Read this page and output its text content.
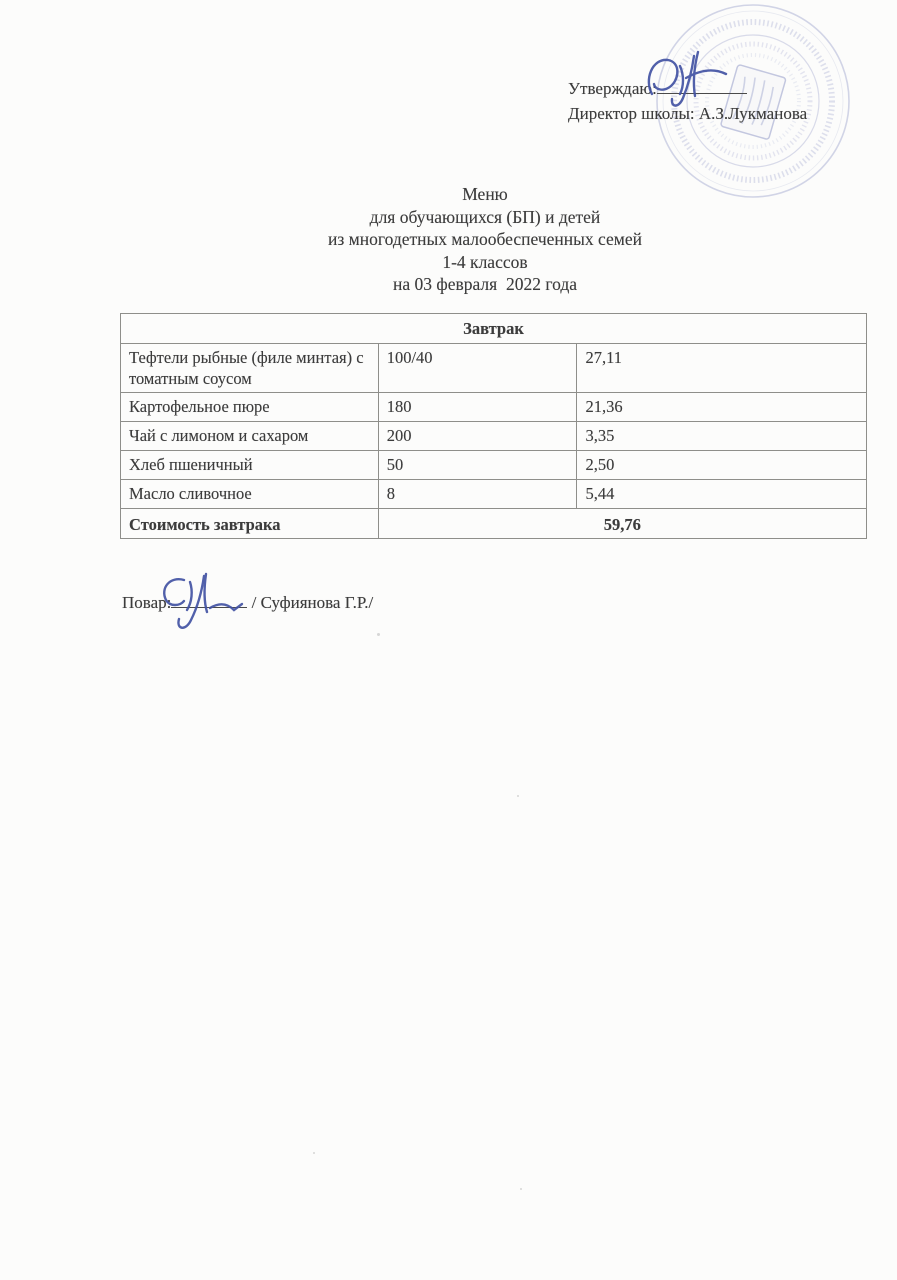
Утверждаю:
Директор школы: А.З.Лукманова
Меню
для обучающихся (БП) и детей
из многодетных малообеспеченных семей
1-4 классов
на 03 февраля  2022 года
Завтрак		
Тефтели рыбные (филе минтая) с томатным соусом	100/40	27,11
Картофельное пюре	180	21,36
Чай с лимоном и сахаром	200	3,35
Хлеб пшеничный	50	2,50
Масло сливочное	8	5,44
Стоимость завтрака	59,76	
Повар:	/ Суфиянова Г.Р./
